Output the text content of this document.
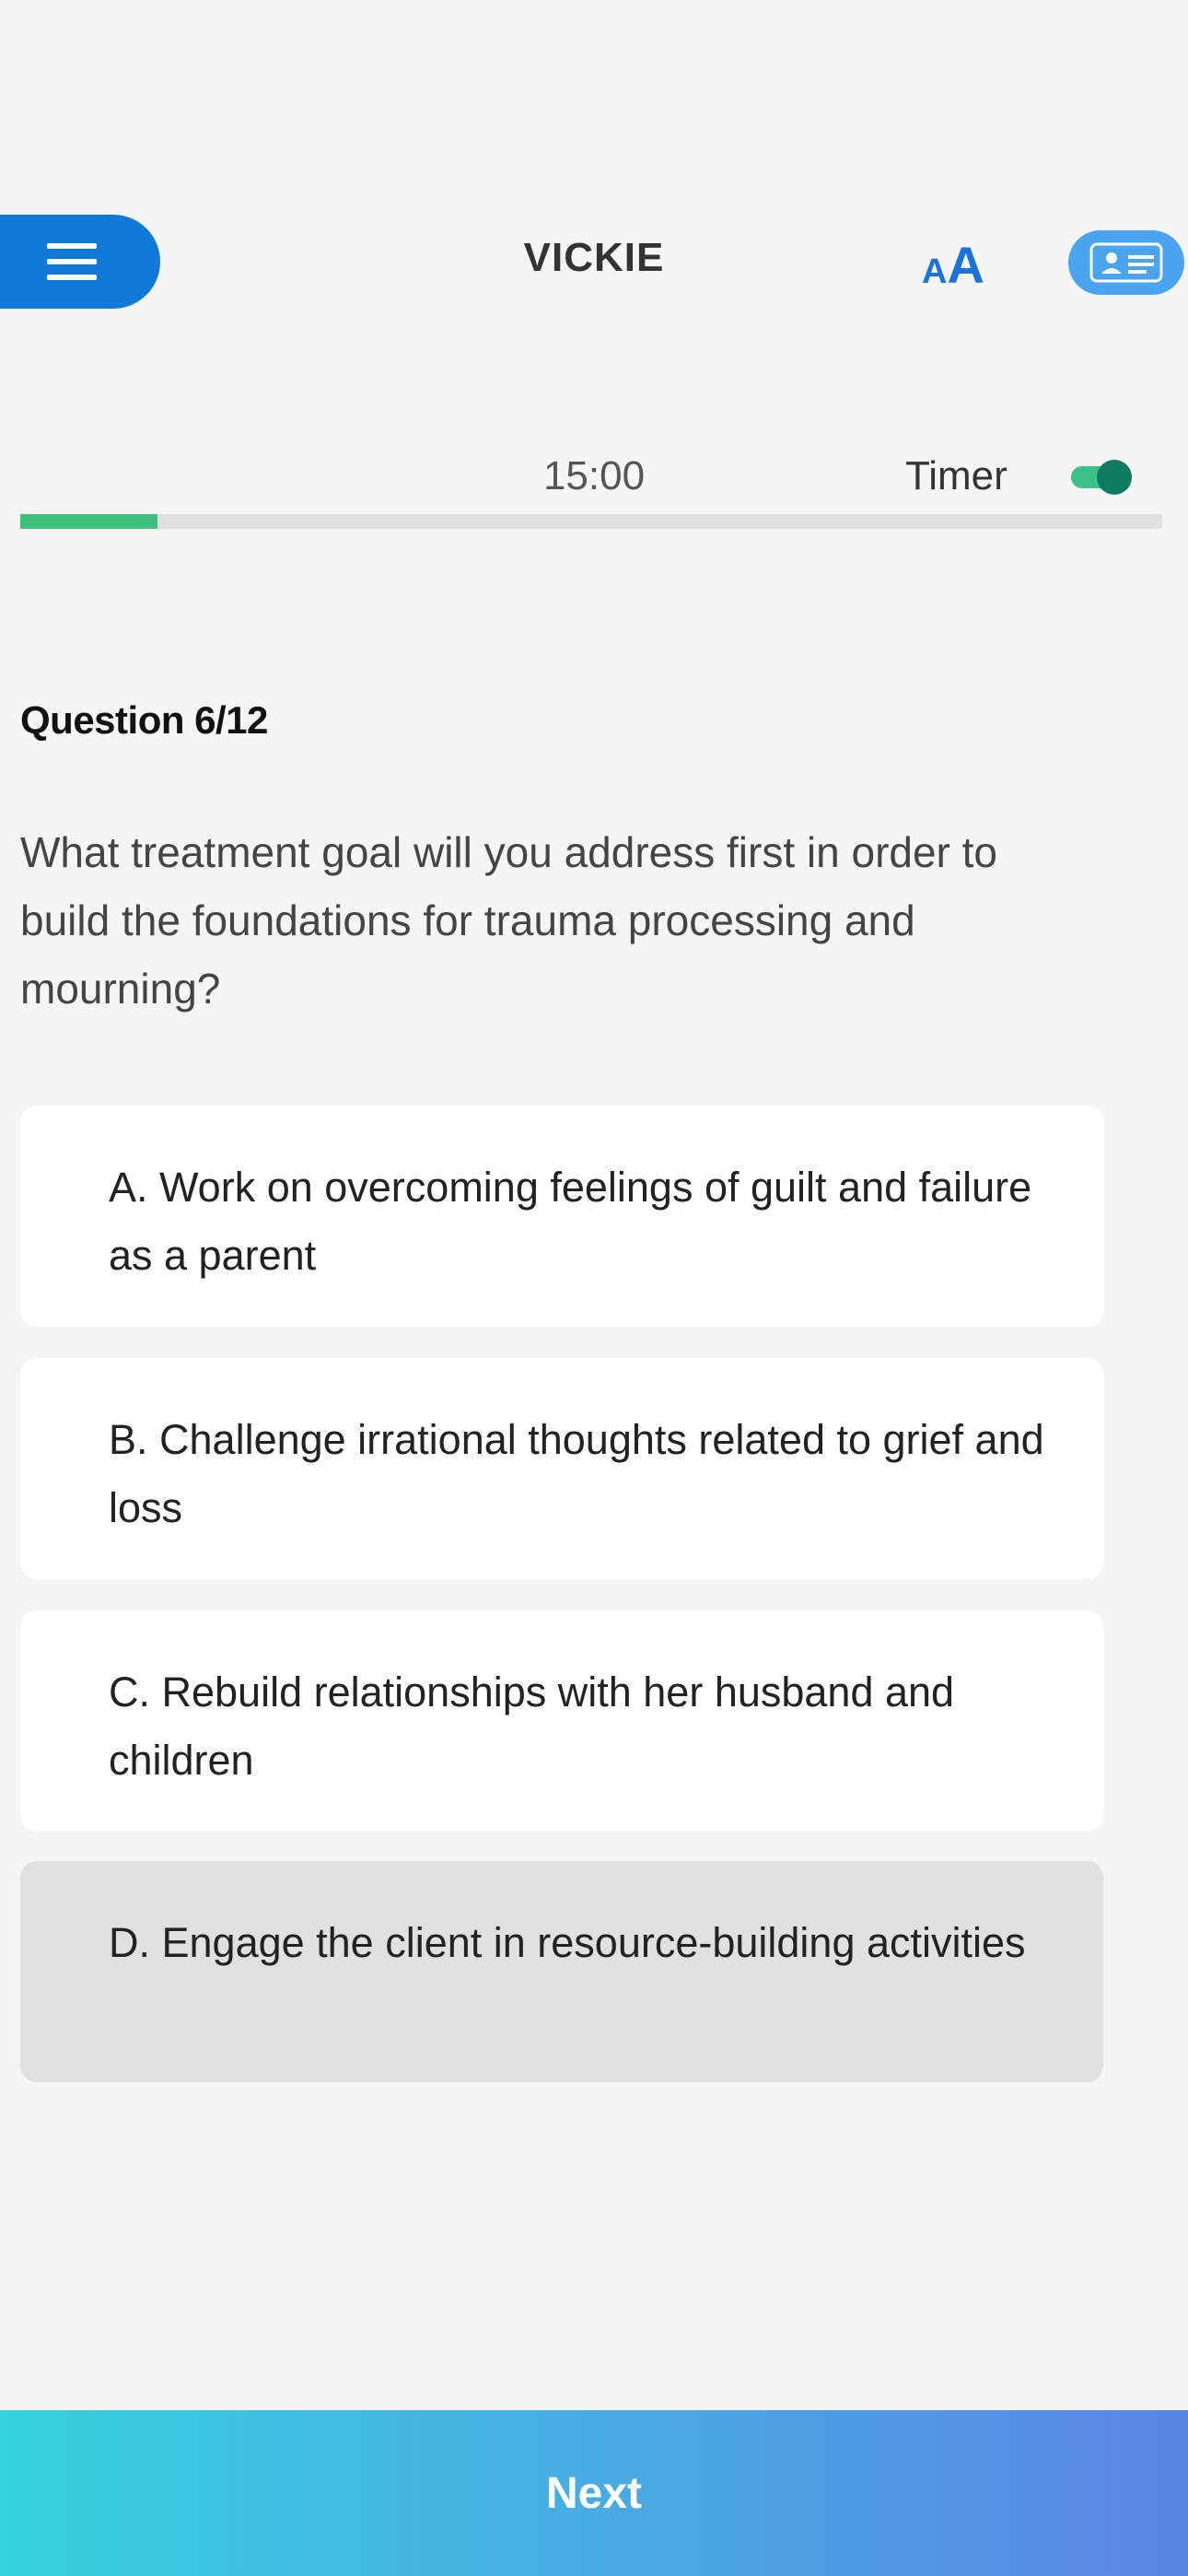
VICKIE	A A
15:00	Timer
Question 6/12
What treatment goal will you address first in order to build the foundations for trauma processing and mourning?
A. Work on overcoming feelings of guilt and failure as a parent
B. Challenge irrational thoughts related to grief and loss
C. Rebuild relationships with her husband and children
D. Engage the client in resource-building activities
Next
